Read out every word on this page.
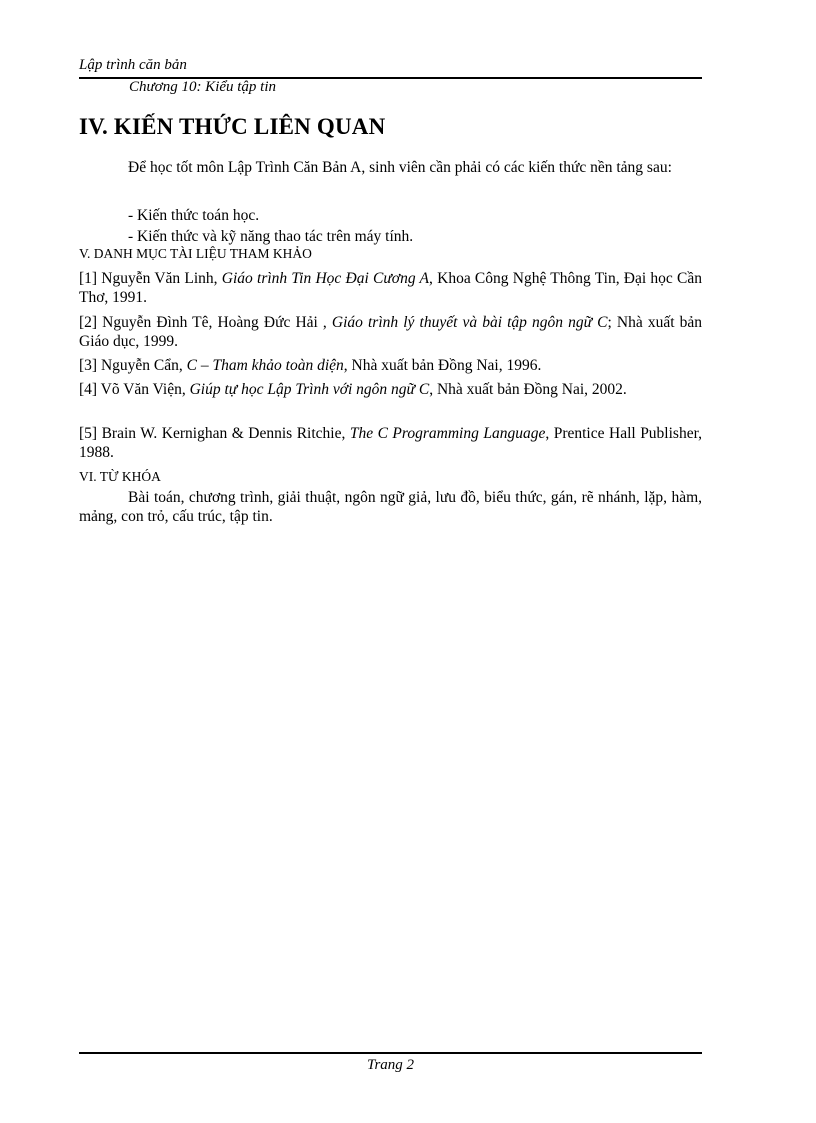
Lập trình căn bản
Chương 10: Kiểu tập tin
IV. KIẾN THỨC LIÊN QUAN
Để học tốt môn Lập Trình Căn Bản A, sinh viên cần phải có các kiến thức nền tảng sau:
- Kiến thức toán học.
- Kiến thức và kỹ năng thao tác trên máy tính.
V. DANH MỤC TÀI LIỆU THAM KHẢO
[1] Nguyễn Văn Linh, Giáo trình Tin Học Đại Cương A, Khoa Công Nghệ Thông Tin, Đại học Cần Thơ, 1991.
[2] Nguyễn Đình Tê, Hoàng Đức Hải , Giáo trình lý thuyết và bài tập ngôn ngữ C; Nhà xuất bản Giáo dục, 1999.
[3] Nguyễn Cẩn, C – Tham khảo toàn diện, Nhà xuất bản Đồng Nai, 1996.
[4] Võ Văn Viện, Giúp tự học Lập Trình với ngôn ngữ C, Nhà xuất bản Đồng Nai, 2002.
[5] Brain W. Kernighan & Dennis Ritchie, The C Programming Language, Prentice Hall Publisher, 1988.
VI. TỪ KHÓA
Bài toán, chương trình, giải thuật, ngôn ngữ giả, lưu đồ, biểu thức, gán, rẽ nhánh, lặp, hàm, mảng, con trỏ, cấu trúc, tập tin.
Trang 2
